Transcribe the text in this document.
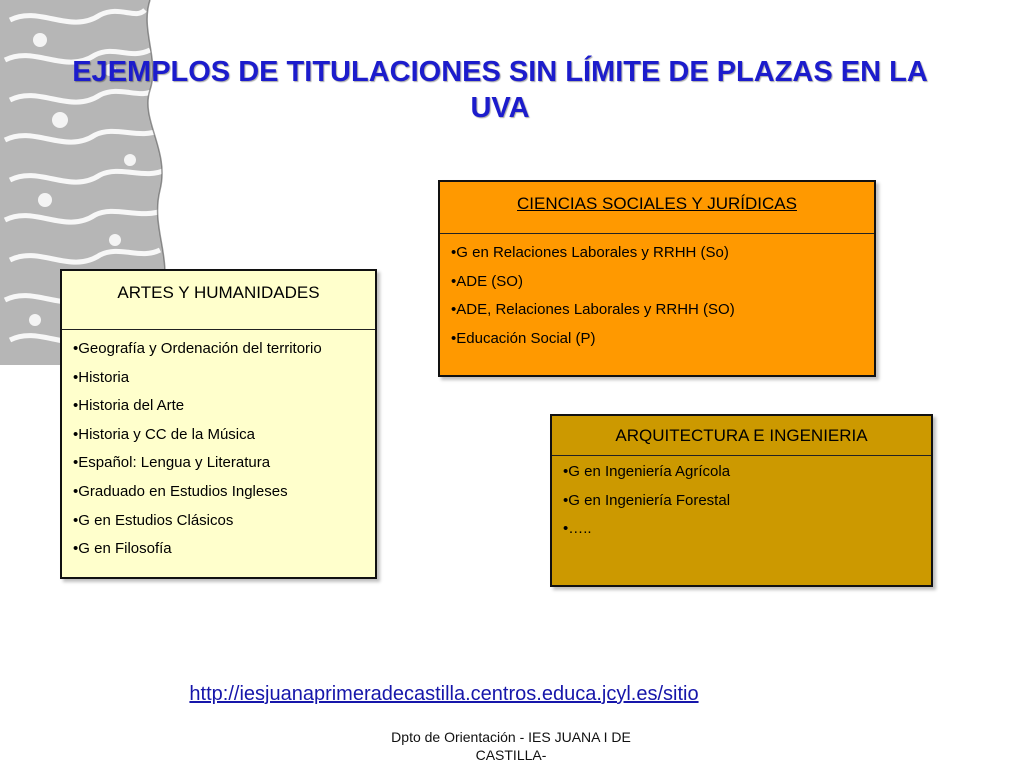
EJEMPLOS DE TITULACIONES SIN LÍMITE DE PLAZAS EN LA UVA
ARTES Y HUMANIDADES
• Geografía y Ordenación del territorio
• Historia
• Historia del Arte
• Historia y CC de la Música
• Español: Lengua y Literatura
• Graduado en Estudios Ingleses
• G en Estudios Clásicos
• G en Filosofía
CIENCIAS SOCIALES Y JURÍDICAS
• G en Relaciones Laborales y RRHH (So)
• ADE (SO)
• ADE, Relaciones Laborales y RRHH (SO)
• Educación Social (P)
ARQUITECTURA E INGENIERIA
• G en Ingeniería Agrícola
• G en Ingeniería Forestal
• …..
http://iesjuanaprimeradecastilla.centros.educa.jcyl.es/sitio
Dpto de Orientación - IES JUANA I DE CASTILLA-
